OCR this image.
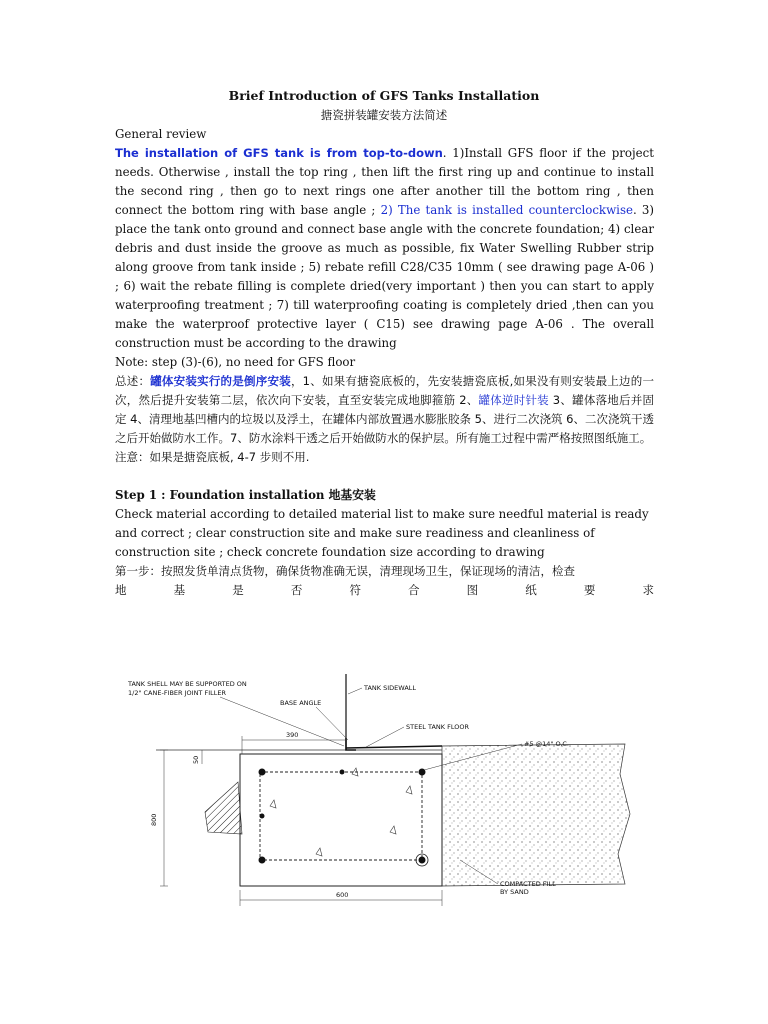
Brief Introduction of GFS Tanks Installation
搪瓷拼装罐安装方法简述
General review
The installation of GFS tank is from top-to-down. 1)Install GFS floor if the project needs. Otherwise , install the top ring , then lift the first ring up and continue to install the second ring , then go to next rings one after another till the bottom ring , then connect the bottom ring with base angle ; 2) The tank is installed counterclockwise. 3) place the tank onto ground and connect base angle with the concrete foundation; 4) clear debris and dust inside the groove as much as possible, fix Water Swelling Rubber strip along groove from tank inside ; 5) rebate refill C28/C35 10mm ( see drawing page A-06 ) ; 6) wait the rebate filling is complete dried(very important ) then you can start to apply waterproofing treatment ; 7) till waterproofing coating is completely dried ,then can you make the waterproof protective layer ( C15) see drawing page A-06 . The overall construction must be according to the drawing
Note: step (3)-(6), no need for GFS floor
总述：罐体安装实行的是倒序安装，1、如果有搪瓷底板的，先安装搪瓷底板,如果没有则安装最上边的一次，然后提升安装第二层，依次向下安装，直至安装完成地脚箍筋 2、罐体逆时针装 3、罐体落地后并固定 4、清理地基凹槽内的垃圾以及浮土，在罐体内部放置遇水膨胀胶条 5、进行二次浇筑 6、二次浇筑干透之后开始做防水工作。7、防水涂料干透之后开始做防水的保护层。所有施工过程中需严格按照图纸施工。
注意：如果是搪瓷底板, 4-7 步则不用.
Step 1 : Foundation installation 地基安装
Check material according to detailed material list to make sure needful material is ready and correct ; clear construction site and make sure readiness and cleanliness of construction site ; check concrete foundation size according to drawing
第一步：按照发货单清点货物，确保货物准确无误，清理现场卫生，保证现场的清洁，检查
地	基	是	否	符	合	图	纸	要	求
390
50
800
600
TANK SHELL MAY BE SUPPORTED ON
1/2" CANE-FIBER JOINT FILLER
BASE ANGLE
TANK SIDEWALL
STEEL TANK FLOOR
#5 @14" O.C.
COMPACTED FILL
BY SAND
